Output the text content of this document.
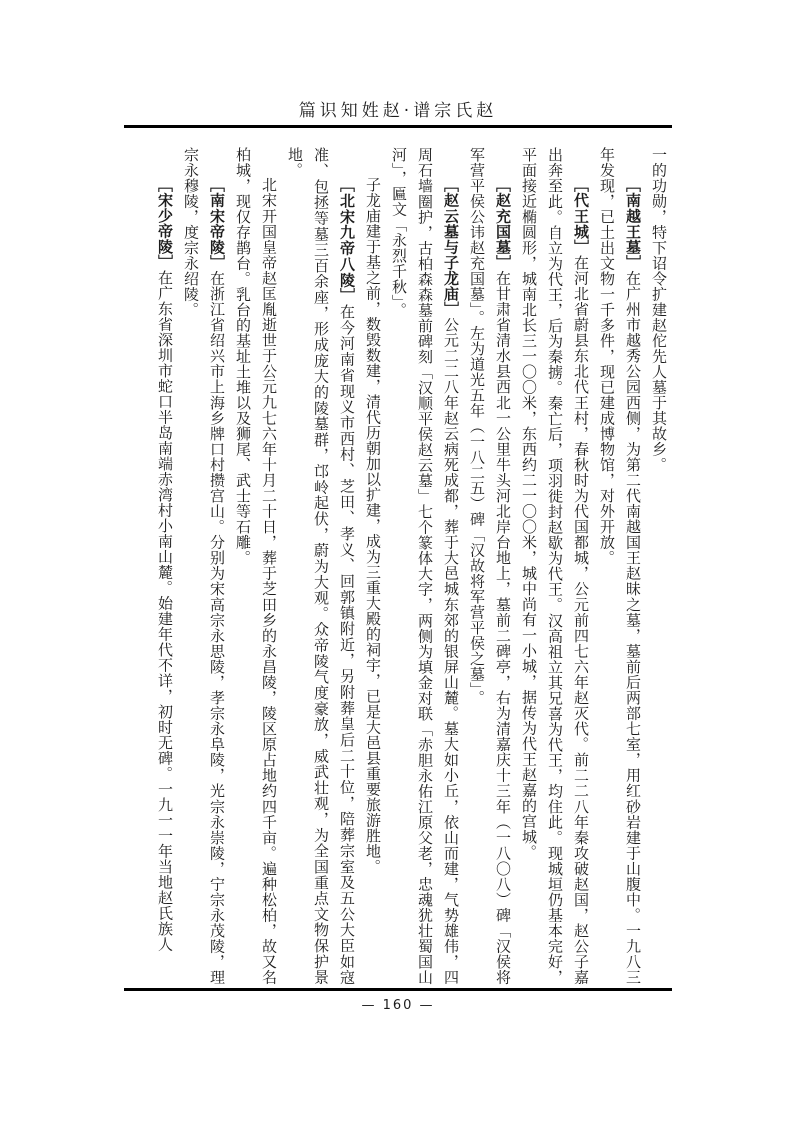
篇识知姓赵·谱宗氏赵

一的功勋，特下诏令扩建赵佗先人墓于其故乡。

［南越王墓］在广州市越秀公园西侧，为第二代南越国王赵昧之墓，墓前后两部七室，用红砂岩建于山腹中。一九八三年发现，已土出文物一千多件，现已建成博物馆，对外开放。

［代王城］在河北省蔚县东北代王村，春秋时为代国都城，公元前四七六年赵灭代。前二二八年秦攻破赵国，赵公子嘉出奔至此。自立为代王，后为秦掳。秦亡后，项羽徙封赵歇为代王。汉高祖立其兄喜为代王，均住此。现城垣仍基本完好，平面接近椭圆形，城南北长三一〇〇米，东西约二一〇〇米，城中尚有一小城，据传为代王赵嘉的宫城。

［赵充国墓］在甘肃省清水县西北一公里牛头河北岸台地上，墓前二碑亭，右为清嘉庆十三年（一八〇八）碑「汉侯将军营平侯公讳赵充国墓」。左为道光五年（一八二五）碑「汉故将军营平侯之墓」。

［赵云墓与子龙庙］公元二二八年赵云病死成都，葬于大邑城东郊的银屏山麓。墓大如小丘，依山而建，气势雄伟，四周石墙圈护，古柏森森墓前碑刻「汉顺平侯赵云墓」七个篆体大字，两侧为填金对联「赤胆永佑江原父老，忠魂犹壮蜀国山河」，匾文「永烈千秋」。

子龙庙建于基之前，数毁数建，清代历朝加以扩建，成为三重大殿的祠宇，已是大邑县重要旅游胜地。

［北宋九帝八陵］在今河南省现义市西村、芝田、孝义、回郭镇附近，另附葬皇后二十位，陪葬宗室及五公大臣如寇准、包拯等墓三百余座，形成庞大的陵墓群，邙岭起伏，蔚为大观。众帝陵气度豪放，威武壮观，为全国重点文物保护景地。

北宋开国皇帝赵匡胤逝世于公元九七六年十月二十日，葬于芝田乡的永昌陵，陵区原占地约四千亩。遍种松柏，故又名柏城，现仅存鹊台。乳台的基址土堆以及狮尾、武士等石雕。

［南宋帝陵］在浙江省绍兴市上海乡牌口村攒宫山。分别为宋高宗永思陵，孝宗永阜陵，光宗永崇陵，宁宗永茂陵，理宗永穆陵，度宗永绍陵。

［宋少帝陵］在广东省深圳市蛇口半岛南端赤湾村小南山麓。始建年代不详，初时无碑。一九一一年当地赵氏族人

— 160 —
